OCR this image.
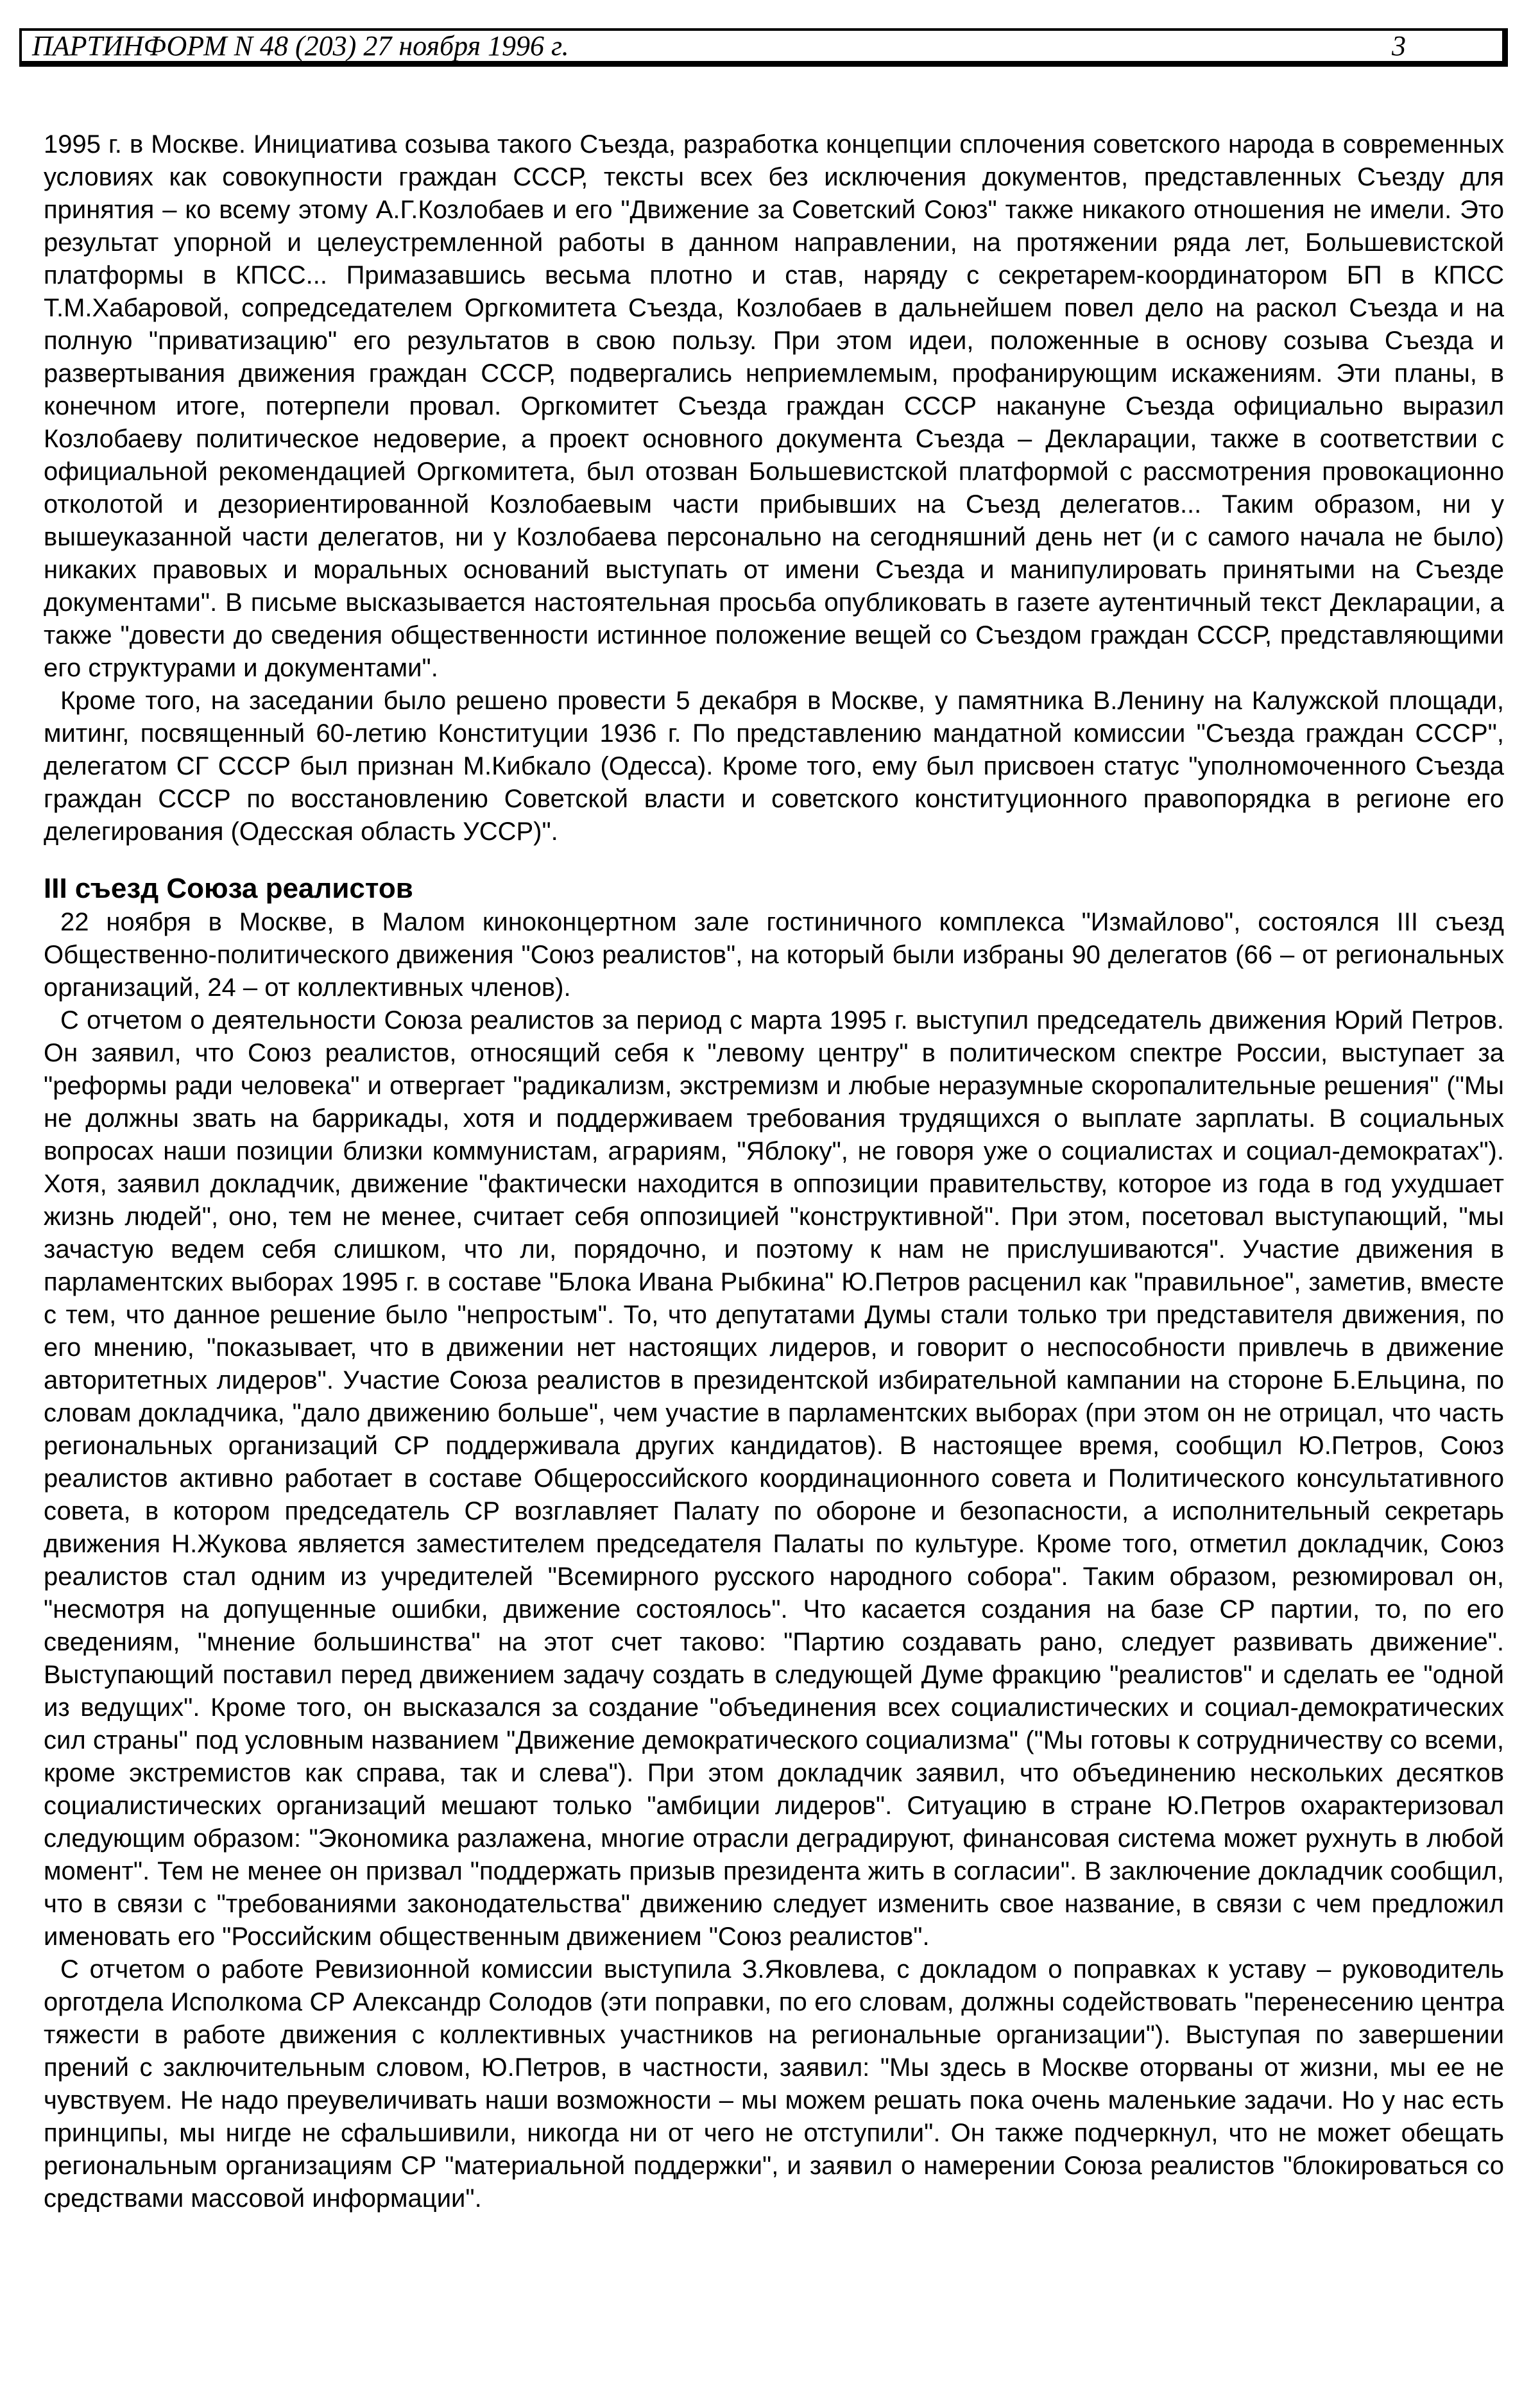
ПАРТИНФОРМ N 48 (203) 27 ноября 1996 г.	3

1995 г. в Москве. Инициатива созыва такого Съезда, разработка концепции сплочения советского народа в современных условиях как совокупности граждан СССР, тексты всех без исключения документов, представленных Съезду для принятия – ко всему этому А.Г.Козлобаев и его "Движение за Советский Союз" также никакого отношения не имели. Это результат упорной и целеустремленной работы в данном направлении, на протяжении ряда лет, Большевистской платформы в КПСС... Примазавшись весьма плотно и став, наряду с секретарем-координатором БП в КПСС Т.М.Хабаровой, сопредседателем Оргкомитета Съезда, Козлобаев в дальнейшем повел дело на раскол Съезда и на полную "приватизацию" его результатов в свою пользу. При этом идеи, положенные в основу созыва Съезда и развертывания движения граждан СССР, подвергались неприемлемым, профанирующим искажениям. Эти планы, в конечном итоге, потерпели провал. Оргкомитет Съезда граждан СССР накануне Съезда официально выразил Козлобаеву политическое недоверие, а проект основного документа Съезда – Декларации, также в соответствии с официальной рекомендацией Оргкомитета, был отозван Большевистской платформой с рассмотрения провокационно отколотой и дезориентированной Козлобаевым части прибывших на Съезд делегатов... Таким образом, ни у вышеуказанной части делегатов, ни у Козлобаева персонально на сегодняшний день нет (и с самого начала не было) никаких правовых и моральных оснований выступать от имени Съезда и манипулировать принятыми на Съезде документами". В письме высказывается настоятельная просьба опубликовать в газете аутентичный текст Декларации, а также "довести до сведения общественности истинное положение вещей со Съездом граждан СССР, представляющими его структурами и документами".

Кроме того, на заседании было решено провести 5 декабря в Москве, у памятника В.Ленину на Калужской площади, митинг, посвященный 60-летию Конституции 1936 г. По представлению мандатной комиссии "Съезда граждан СССР", делегатом СГ СССР был признан М.Кибкало (Одесса). Кроме того, ему был присвоен статус "уполномоченного Съезда граждан СССР по восстановлению Советской власти и советского конституционного правопорядка в регионе его делегирования (Одесская область УССР)".

III съезд Союза реалистов

22 ноября в Москве, в Малом киноконцертном зале гостиничного комплекса "Измайлово", состоялся III съезд Общественно-политического движения "Союз реалистов", на который были избраны 90 делегатов (66 – от региональных организаций, 24 – от коллективных членов).

С отчетом о деятельности Союза реалистов за период с марта 1995 г. выступил председатель движения Юрий Петров. Он заявил, что Союз реалистов, относящий себя к "левому центру" в политическом спектре России, выступает за "реформы ради человека" и отвергает "радикализм, экстремизм и любые неразумные скоропалительные решения" ("Мы не должны звать на баррикады, хотя и поддерживаем требования трудящихся о выплате зарплаты. В социальных вопросах наши позиции близки коммунистам, аграриям, "Яблоку", не говоря уже о социалистах и социал-демократах"). Хотя, заявил докладчик, движение "фактически находится в оппозиции правительству, которое из года в год ухудшает жизнь людей", оно, тем не менее, считает себя оппозицией "конструктивной". При этом, посетовал выступающий, "мы зачастую ведем себя слишком, что ли, порядочно, и поэтому к нам не прислушиваются". Участие движения в парламентских выборах 1995 г. в составе "Блока Ивана Рыбкина" Ю.Петров расценил как "правильное", заметив, вместе с тем, что данное решение было "непростым". То, что депутатами Думы стали только три представителя движения, по его мнению, "показывает, что в движении нет настоящих лидеров, и говорит о неспособности привлечь в движение авторитетных лидеров". Участие Союза реалистов в президентской избирательной кампании на стороне Б.Ельцина, по словам докладчика, "дало движению больше", чем участие в парламентских выборах (при этом он не отрицал, что часть региональных организаций СР поддерживала других кандидатов). В настоящее время, сообщил Ю.Петров, Союз реалистов активно работает в составе Общероссийского координационного совета и Политического консультативного совета, в котором председатель СР возглавляет Палату по обороне и безопасности, а исполнительный секретарь движения Н.Жукова является заместителем председателя Палаты по культуре. Кроме того, отметил докладчик, Союз реалистов стал одним из учредителей "Всемирного русского народного собора". Таким образом, резюмировал он, "несмотря на допущенные ошибки, движение состоялось". Что касается создания на базе СР партии, то, по его сведениям, "мнение большинства" на этот счет таково: "Партию создавать рано, следует развивать движение". Выступающий поставил перед движением задачу создать в следующей Думе фракцию "реалистов" и сделать ее "одной из ведущих". Кроме того, он высказался за создание "объединения всех социалистических и социал-демократических сил страны" под условным названием "Движение демократического социализма" ("Мы готовы к сотрудничеству со всеми, кроме экстремистов как справа, так и слева"). При этом докладчик заявил, что объединению нескольких десятков социалистических организаций мешают только "амбиции лидеров". Ситуацию в стране Ю.Петров охарактеризовал следующим образом: "Экономика разлажена, многие отрасли деградируют, финансовая система может рухнуть в любой момент". Тем не менее он призвал "поддержать призыв президента жить в согласии". В заключение докладчик сообщил, что в связи с "требованиями законодательства" движению следует изменить свое название, в связи с чем предложил именовать его "Российским общественным движением "Союз реалистов".

С отчетом о работе Ревизионной комиссии выступила З.Яковлева, с докладом о поправках к уставу – руководитель орготдела Исполкома СР Александр Солодов (эти поправки, по его словам, должны содействовать "перенесению центра тяжести в работе движения с коллективных участников на региональные организации"). Выступая по завершении прений с заключительным словом, Ю.Петров, в частности, заявил: "Мы здесь в Москве оторваны от жизни, мы ее не чувствуем. Не надо преувеличивать наши возможности – мы можем решать пока очень маленькие задачи. Но у нас есть принципы, мы нигде не сфальшивили, никогда ни от чего не отступили". Он также подчеркнул, что не может обещать региональным организациям СР "материальной поддержки", и заявил о намерении Союза реалистов "блокироваться со средствами массовой информации".
